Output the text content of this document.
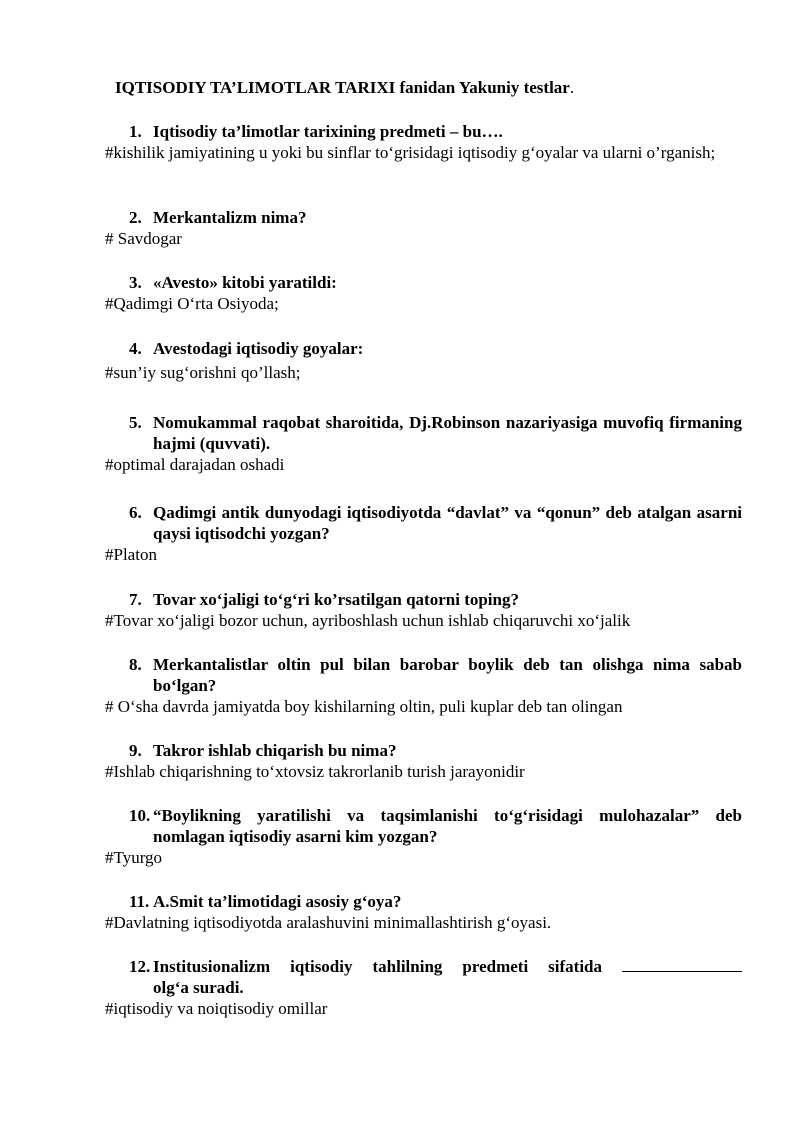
IQTISODIY TA’LIMOTLAR TARIXI fanidan Yakuniy testlar.
1. Iqtisodiy ta’limotlar tarixining predmeti – bu….
#kishilik jamiyatining u yoki bu sinflar to‘grisidagi iqtisodiy g‘oyalar va ularni o’rganish;
2. Merkantalizm nima?
# Savdogar
3. «Avesto» kitobi yaratildi:
#Qadimgi O‘rta Osiyoda;
4. Avestodagi iqtisodiy goyalar:
#sun’iy sug‘orishni qo’llash;
5. Nomukammal raqobat sharoitida, Dj.Robinson nazariyasiga muvofiq firmaning hajmi (quvvati).
#optimal darajadan oshadi
6. Qadimgi antik dunyodagi iqtisodiyotda “davlat” va “qonun” deb atalgan asarni qaysi iqtisodchi yozgan?
#Platon
7. Tovar xo‘jaligi to‘g‘ri ko’rsatilgan qatorni toping?
#Tovar xo‘jaligi bozor uchun, ayriboshlash uchun ishlab chiqaruvchi xo‘jalik
8. Merkantalistlar oltin pul bilan barobar boylik deb tan olishga nima sabab bo‘lgan?
# O‘sha davrda jamiyatda boy kishilarning oltin, puli kuplar deb tan olingan
9. Takror ishlab chiqarish bu nima?
#Ishlab chiqarishning to‘xtovsiz takrorlanib turish jarayonidir
10. “Boylikning yaratilishi va taqsimlanishi to‘g‘risidagi mulohazalar” deb nomlagan iqtisodiy asarni kim yozgan?
#Tyurgo
11. A.Smit ta’limotidagi asosiy g‘oya?
#Davlatning iqtisodiyotda aralashuvini minimallashtirish g‘oyasi.
12. Institusionalizm iqtisodiy tahlilning predmeti sifatida
olg‘a suradi.
#iqtisodiy va noiqtisodiy omillar
